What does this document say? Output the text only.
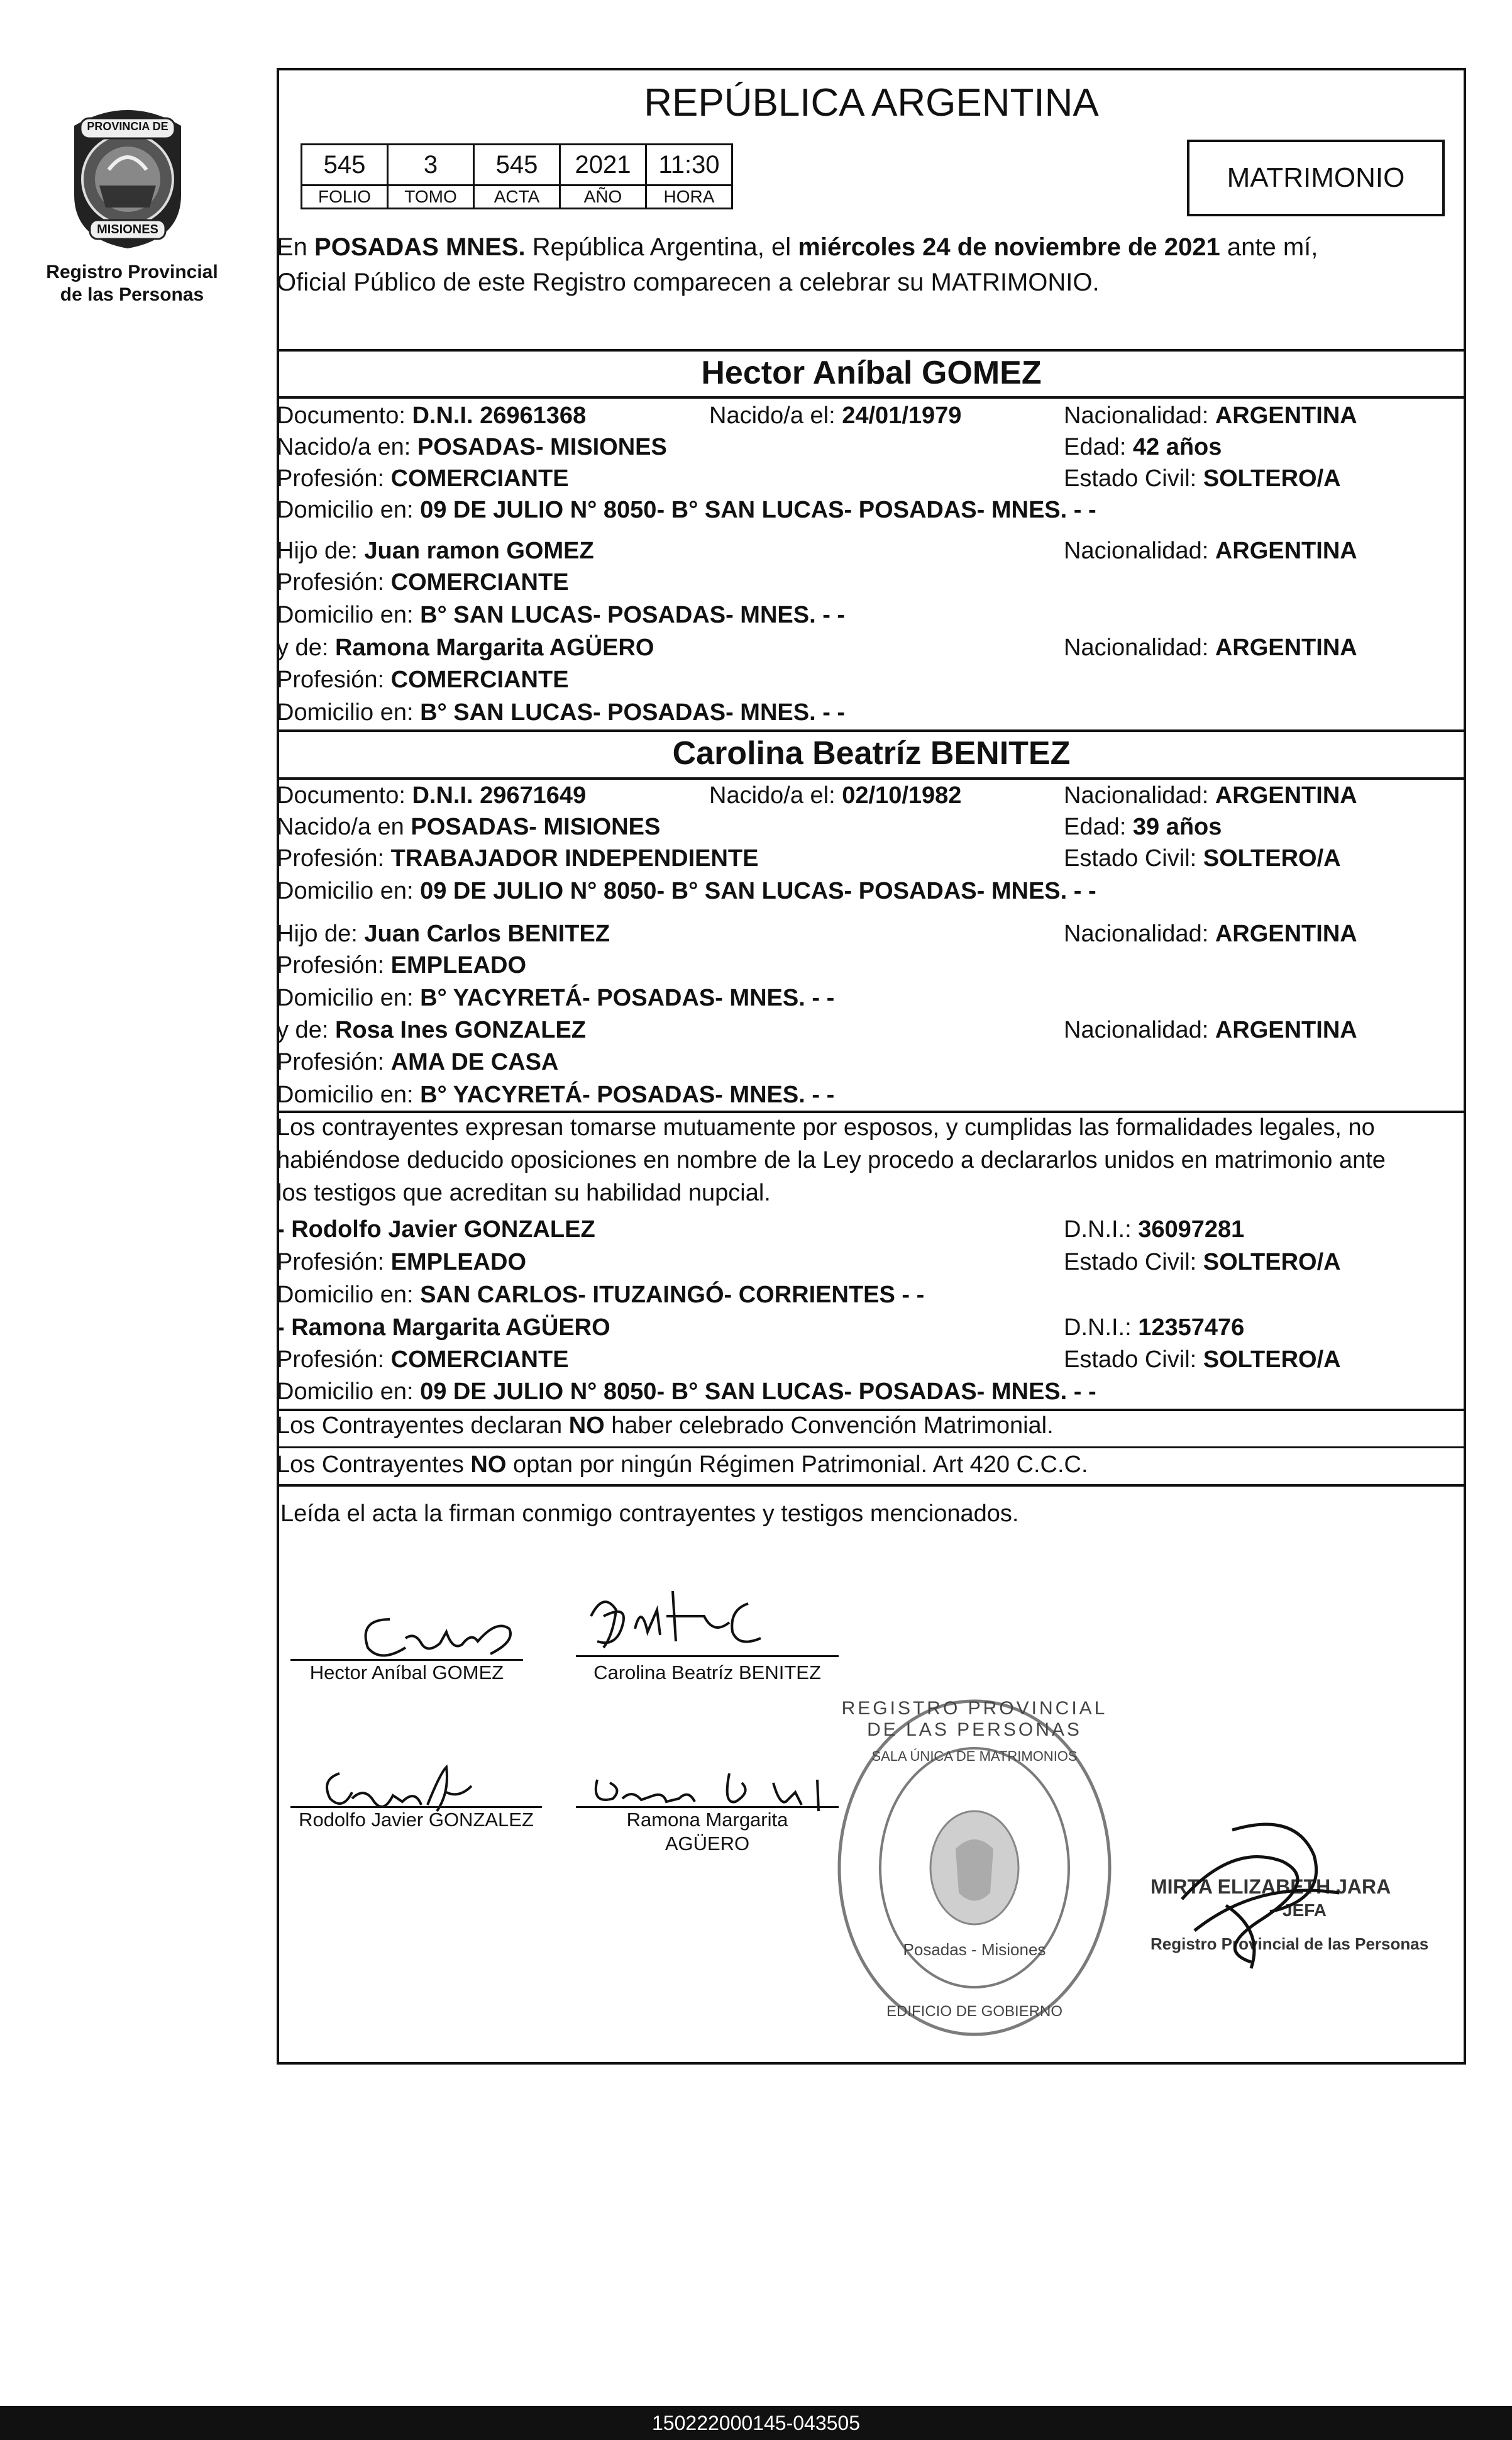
PROVINCIA DE
MISIONES
Registro Provincial
de las Personas
REPÚBLICA ARGENTINA
545	3	545	2021	11:30
FOLIO	TOMO	ACTA	AÑO	HORA
MATRIMONIO
En POSADAS MNES. República Argentina, el miércoles 24 de noviembre de 2021 ante mí,
Oficial Público de este Registro comparecen a celebrar su MATRIMONIO.
Hector Aníbal GOMEZ
Documento: D.N.I. 26961368	Nacido/a el: 24/01/1979	Nacionalidad: ARGENTINA
Nacido/a en: POSADAS- MISIONES	Edad: 42 años
Profesión: COMERCIANTE	Estado Civil: SOLTERO/A
Domicilio en: 09 DE JULIO N° 8050- B° SAN LUCAS- POSADAS- MNES. - -
Hijo de: Juan ramon GOMEZ	Nacionalidad: ARGENTINA
Profesión: COMERCIANTE
Domicilio en: B° SAN LUCAS- POSADAS- MNES. - -
y de: Ramona Margarita AGÜERO	Nacionalidad: ARGENTINA
Profesión: COMERCIANTE
Domicilio en: B° SAN LUCAS- POSADAS- MNES. - -
Carolina Beatríz BENITEZ
Documento: D.N.I. 29671649	Nacido/a el: 02/10/1982	Nacionalidad: ARGENTINA
Nacido/a en POSADAS- MISIONES	Edad: 39 años
Profesión: TRABAJADOR INDEPENDIENTE	Estado Civil: SOLTERO/A
Domicilio en: 09 DE JULIO N° 8050- B° SAN LUCAS- POSADAS- MNES. - -
Hijo de: Juan Carlos BENITEZ	Nacionalidad: ARGENTINA
Profesión: EMPLEADO
Domicilio en: B° YACYRETÁ- POSADAS- MNES. - -
y de: Rosa Ines GONZALEZ	Nacionalidad: ARGENTINA
Profesión: AMA DE CASA
Domicilio en: B° YACYRETÁ- POSADAS- MNES. - -
Los contrayentes expresan tomarse mutuamente por esposos, y cumplidas las formalidades legales, no
habiéndose deducido oposiciones en nombre de la Ley procedo a declararlos unidos en matrimonio ante
los testigos que acreditan su habilidad nupcial.
- Rodolfo Javier GONZALEZ	D.N.I.: 36097281
Profesión: EMPLEADO	Estado Civil: SOLTERO/A
Domicilio en: SAN CARLOS- ITUZAINGÓ- CORRIENTES - -
- Ramona Margarita AGÜERO	D.N.I.: 12357476
Profesión: COMERCIANTE	Estado Civil: SOLTERO/A
Domicilio en: 09 DE JULIO N° 8050- B° SAN LUCAS- POSADAS- MNES. - -
Los Contrayentes declaran NO haber celebrado Convención Matrimonial.
Los Contrayentes NO optan por ningún Régimen Patrimonial. Art 420 C.C.C.
Leída el acta la firman conmigo contrayentes y testigos mencionados.
Hector Aníbal GOMEZ	Carolina Beatríz BENITEZ
Rodolfo Javier GONZALEZ	Ramona Margarita
AGÜERO
REGISTRO PROVINCIAL DE LAS PERSONAS
SALA ÚNICA DE MATRIMONIOS
Posadas - Misiones
EDIFICIO DE GOBIERNO
MIRTA ELIZABETH JARA
JEFA
Registro Provincial de las Personas
150222000145-043505
